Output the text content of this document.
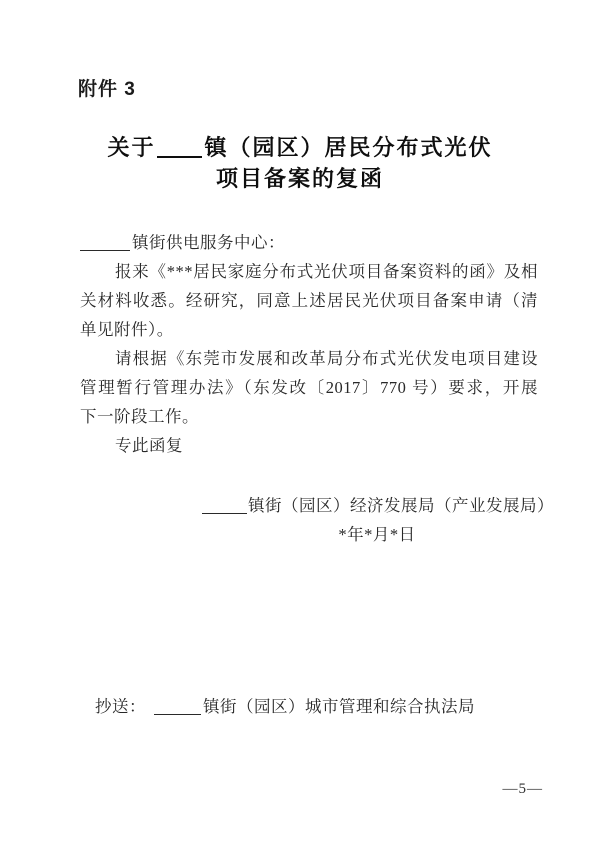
附件 3
关于 镇（园区）居民分布式光伏
项目备案的复函
镇街供电服务中心：
报来《***居民家庭分布式光伏项目备案资料的函》及相
关材料收悉。经研究，同意上述居民光伏项目备案申请（清
单见附件）。
请根据《东莞市发展和改革局分布式光伏发电项目建设
管理暂行管理办法》（东发改〔2017〕770 号）要求，开展
下一阶段工作。
专此函复
镇街（园区）经济发展局（产业发展局）
*年*月*日
抄送：	镇街（园区）城市管理和综合执法局
—5—
